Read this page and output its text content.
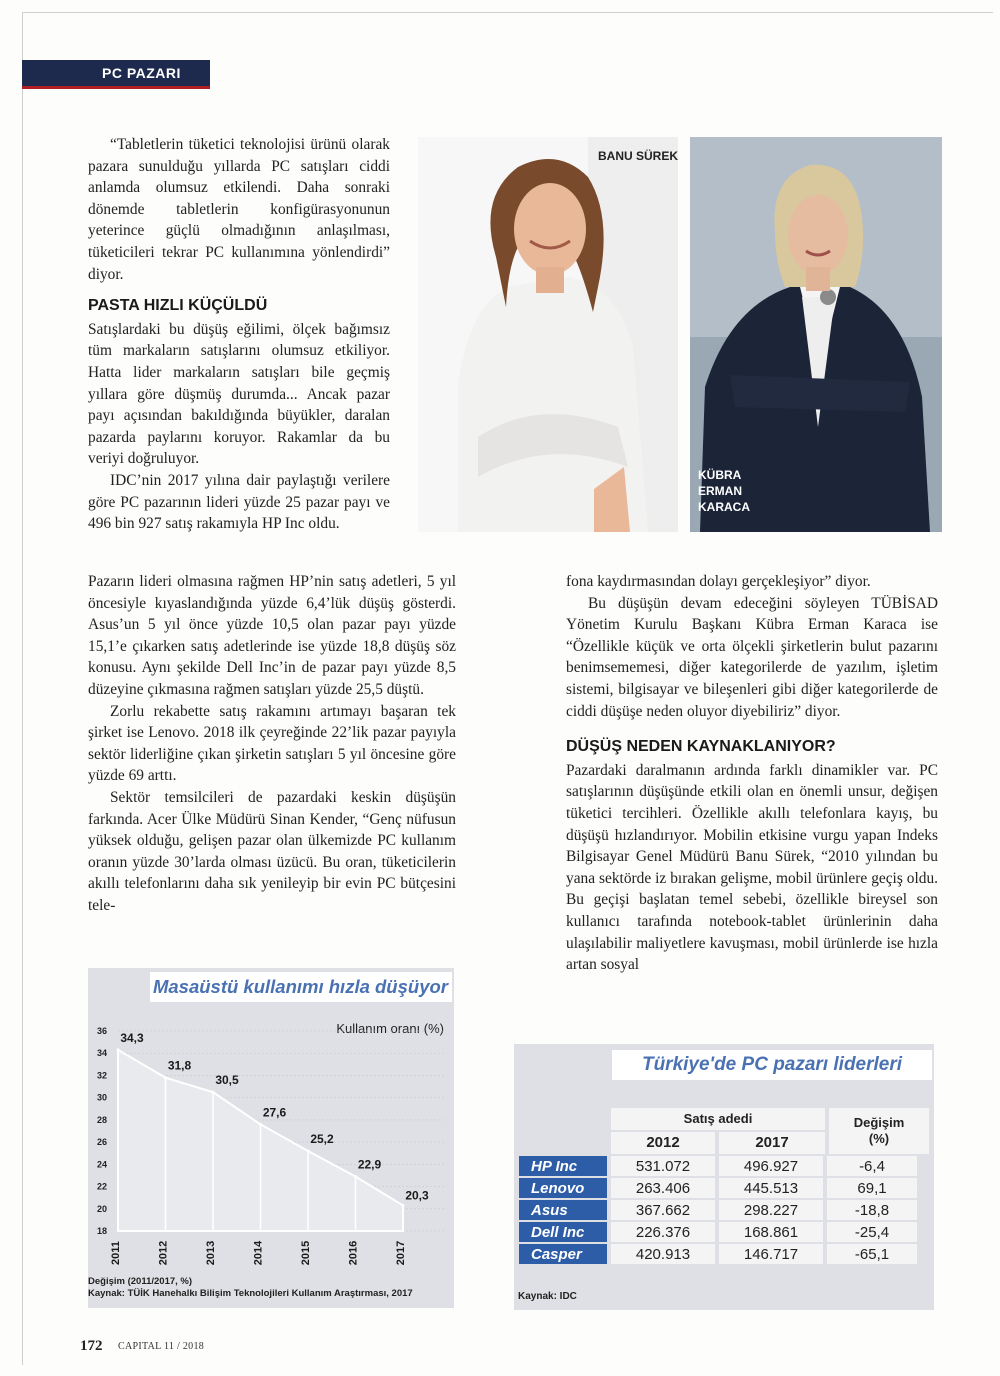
PC PAZARI

“Tabletlerin tüketici teknolojisi ürünü olarak pazara sunulduğu yıllarda PC satışları ciddi anlamda olumsuz etkilendi. Daha sonraki dönemde tabletlerin konfigürasyonunun yeterince güçlü olmadığının anlaşılması, tüketicileri tekrar PC kullanımına yönlendirdi” diyor.

PASTA HIZLI KÜÇÜLDÜ

Satışlardaki bu düşüş eğilimi, ölçek bağımsız tüm markaların satışlarını olumsuz etkiliyor. Hatta lider markaların satışları bile geçmiş yıllara göre düşmüş durumda... Ancak pazar payı açısından bakıldığında büyükler, daralan pazarda paylarını koruyor. Rakamlar da bu veriyi doğruluyor.

IDC’nin 2017 yılına dair paylaştığı verilere göre PC pazarının lideri yüzde 25 pazar payı ve 496 bin 927 satış rakamıyla HP Inc oldu.

Pazarın lideri olmasına rağmen HP’nin satış adetleri, 5 yıl öncesiyle kıyaslandığında yüzde 6,4’lük düşüş gösterdi. Asus’un 5 yıl önce yüzde 10,5 olan pazar payı yüzde 15,1’e çıkarken satış adetlerinde ise yüzde 18,8 düşüş söz konusu. Aynı şekilde Dell Inc’in de pazar payı yüzde 8,5 düzeyine çıkmasına rağmen satışları yüzde 25,5 düştü.

Zorlu rekabette satış rakamını artımayı başaran tek şirket ise Lenovo. 2018 ilk çeyreğinde 22’lik pazar payıyla sektör liderliğine çıkan şirketin satışları 5 yıl öncesine göre yüzde 69 arttı.

Sektör temsilcileri de pazardaki keskin düşüşün farkında. Acer Ülke Müdürü Sinan Kender, “Genç nüfusun yüksek olduğu, gelişen pazar olan ülkemizde PC kullanım oranın yüzde 30’larda olması üzücü. Bu oran, tüketicilerin akıllı telefonlarını daha sık yenileyip bir evin PC bütçesini tele-

BANU SÜREK
KÜBRA
ERMAN
KARACA

fona kaydırmasından dolayı gerçekleşiyor” diyor.

Bu düşüşün devam edeceğini söyleyen TÜBİSAD Yönetim Kurulu Başkanı Kübra Erman Karaca ise “Özellikle küçük ve orta ölçekli şirketlerin bulut pazarını benimsememesi, diğer kategorilerde de yazılım, işletim sistemi, bilgisayar ve bileşenleri gibi diğer kategorilerde de ciddi düşüşe neden oluyor diyebiliriz” diyor.

DÜŞÜŞ NEDEN KAYNAKLANIYOR?

Pazardaki daralmanın ardında farklı dinamikler var. PC satışlarının düşüşünde etkili olan en önemli unsur, değişen tüketici tercihleri. Özellikle akıllı telefonlara kayış, bu düşüşü hızlandırıyor. Mobilin etkisine vurgu yapan Indeks Bilgisayar Genel Müdürü Banu Sürek, “2010 yılından bu yana sektörde iz bırakan gelişme, mobil ürünlere geçiş oldu. Bu geçişi başlatan temel sebebi, özellikle bireysel son kullanıcı tarafında notebook-tablet ürünlerinin daha ulaşılabilir maliyetlere kavuşması, mobil ürünlerde ise hızla artan sosyal

Masaüstü kullanımı hızla düşüyor
Kullanım oranı (%)
36
34
32
30
28
26
24
22
20
18
34,3
31,8
30,5
27,6
25,2
22,9
20,3
2011	2012	2013	2014	2015	2016	2017
Değişim (2011/2017, %)
Kaynak: TÜİK Hanehalkı Bilişim Teknolojileri Kullanım Araştırması, 2017
Türkiye'de PC pazarı liderleri
Satış adedi
2012	2017
Değişim
(%)
HP Inc		531.072		496.927		-6,4
Lenovo		263.406		445.513		69,1
Asus		367.662		298.227		-18,8
Dell Inc		226.376		168.861		-25,4
Casper		420.913		146.717		-65,1
Kaynak: IDC
172 CAPITAL 11 / 2018
